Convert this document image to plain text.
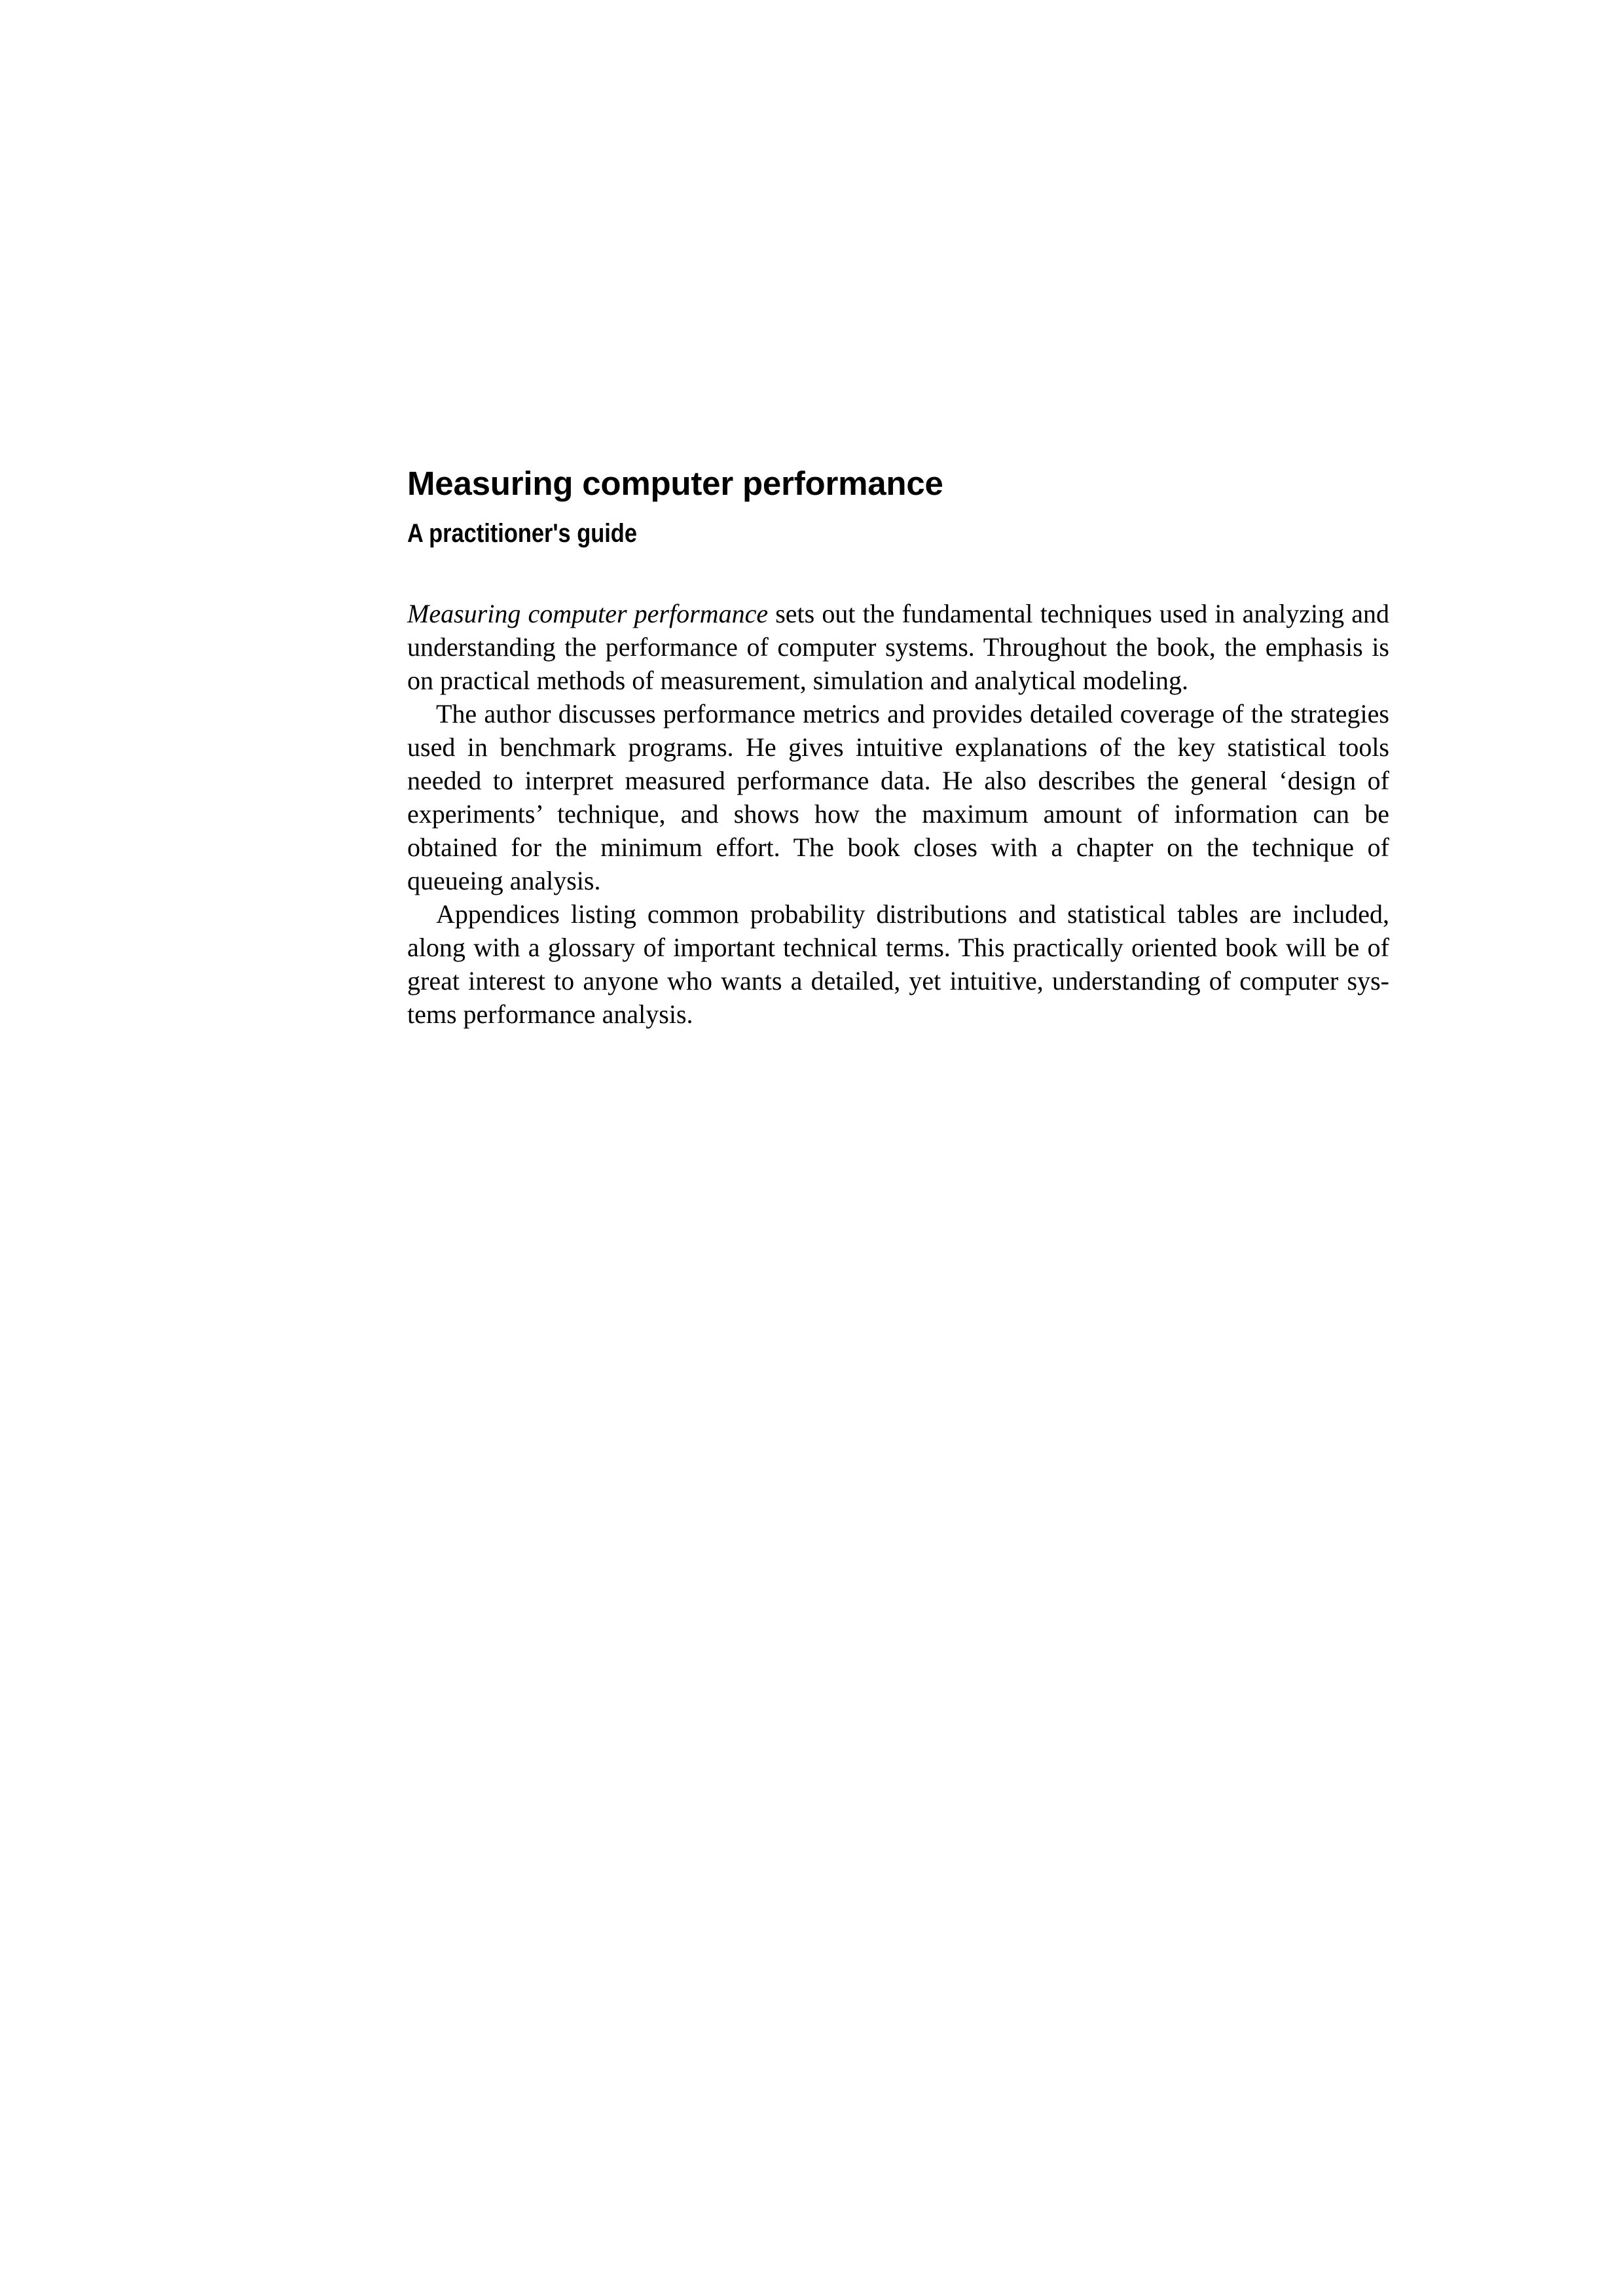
Measuring computer performance
A practitioner's guide

Measuring computer performance sets out the fundamental techniques used in analyzing and understanding the performance of computer systems. Throughout the book, the emphasis is on practical methods of measurement, simulation and analytical modeling.

The author discusses performance metrics and provides detailed coverage of the strategies used in benchmark programs. He gives intuitive explanations of the key statistical tools needed to interpret measured performance data. He also describes the general ‘design of experiments’ technique, and shows how the maximum amount of information can be obtained for the minimum effort. The book closes with a chapter on the technique of queueing analysis.

Appendices listing common probability distributions and statistical tables are included, along with a glossary of important technical terms. This practically oriented book will be of great interest to anyone who wants a detailed, yet intuitive, understanding of computer systems performance analysis.
